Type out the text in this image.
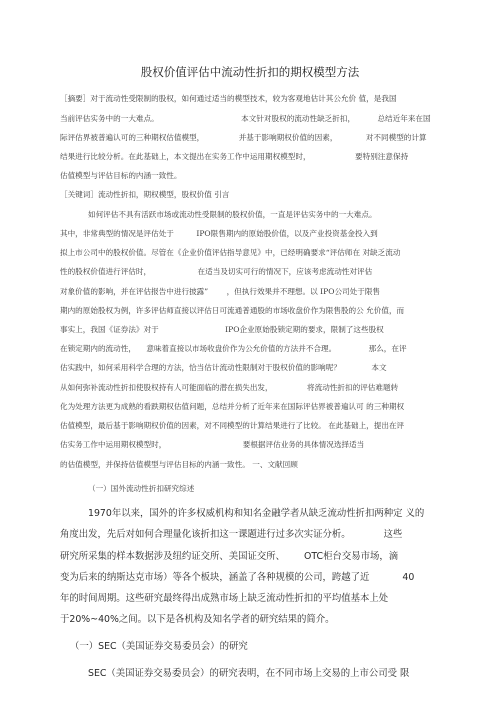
股权价值评估中流动性折扣的期权模型方法
［摘要］对于流动性受限制的股权，如何通过适当的模型技术，较为客观地估计其公允价 值，是我国
当前评估实务中的一大难点。	本文针对股权的流动性缺乏折扣，	总结近年来在国
际评估界被普遍认可的三种期权估值模型，	并基于影响期权价值的因素，	对不同模型的计算
结果进行比较分析。在此基础上，本文提出在实务工作中运用期权模型时，	要特别注意保持
估值模型与评估目标的内涵一致性。
［关键词］流动性折扣，期权模型，股权价值 引言
如何评估不具有活跃市场或流动性受限制的股权价值，一直是评估实务中的一大难点。
其中，非常典型的情况是评估处于	IPO限售期内的原始股价值，以及产业投资基金投入到
拟上市公司中的股权价值。尽管在《企业价值评估指导意见》中，已经明确要求“评估师在 对缺乏流动
性的股权价值进行评估时，	在适当及切实可行的情况下，应该考虑流动性对评估
对象价值的影响，并在评估报告中进行披露” ，但执行效果并不理想。以 IPO公司处于限售
期内的原始股权为例，许多评估师直接以评估日可流通普通股的市场收盘价作为限售股的公 允价值，而
事实上，我国《证券法》对于	IPO企业原始股锁定期的要求，限制了这些股权
在锁定期内的流动性， 意味着直接以市场收盘价作为公允价值的方法并不合理。	那么，在评
估实践中，如何采用科学合理的方法，恰当估计流动性限制对于股权价值的影响呢？	本文
从如何弥补流动性折扣使股权持有人可能面临的潜在损失出发，	将流动性折扣的评估难题转
化为处理方法更为成熟的看跌期权估值问题，总结并分析了近年来在国际评估界被普遍认可 的三种期权
估值模型，最后基于影响期权价值的因素，对不同模型的计算结果进行了比较。 在此基础上，提出在评
估实务工作中运用期权模型时，	要根据评估业务的具体情况选择适当
的估值模型，并保持估值模型与评估目标的内涵一致性。 一、文献回顾
（一）国外流动性折扣研究综述
1970年以来，国外的许多权威机构和知名金融学者从缺乏流动性折扣两种定 义的
角度出发，先后对如何合理量化该折扣这一课题进行过多次实证分析。	这些
研究所采集的样本数据涉及纽约证交所、美国证交所、 OTC柜台交易市场，滴
变为后来的纳斯达克市场）等各个板块，涵盖了各种规模的公司，跨越了近	40
年的时间周期。这些研究最终得出成熟市场上缺乏流动性折扣的平均值基本上处
于20%~40%之间。以下是各机构及知名学者的研究结果的简介。
（一）SEC（美国证券交易委员会）的研究
SEC（美国证券交易委员会）的研究表明，在不同市场上交易的上市公司受 限
